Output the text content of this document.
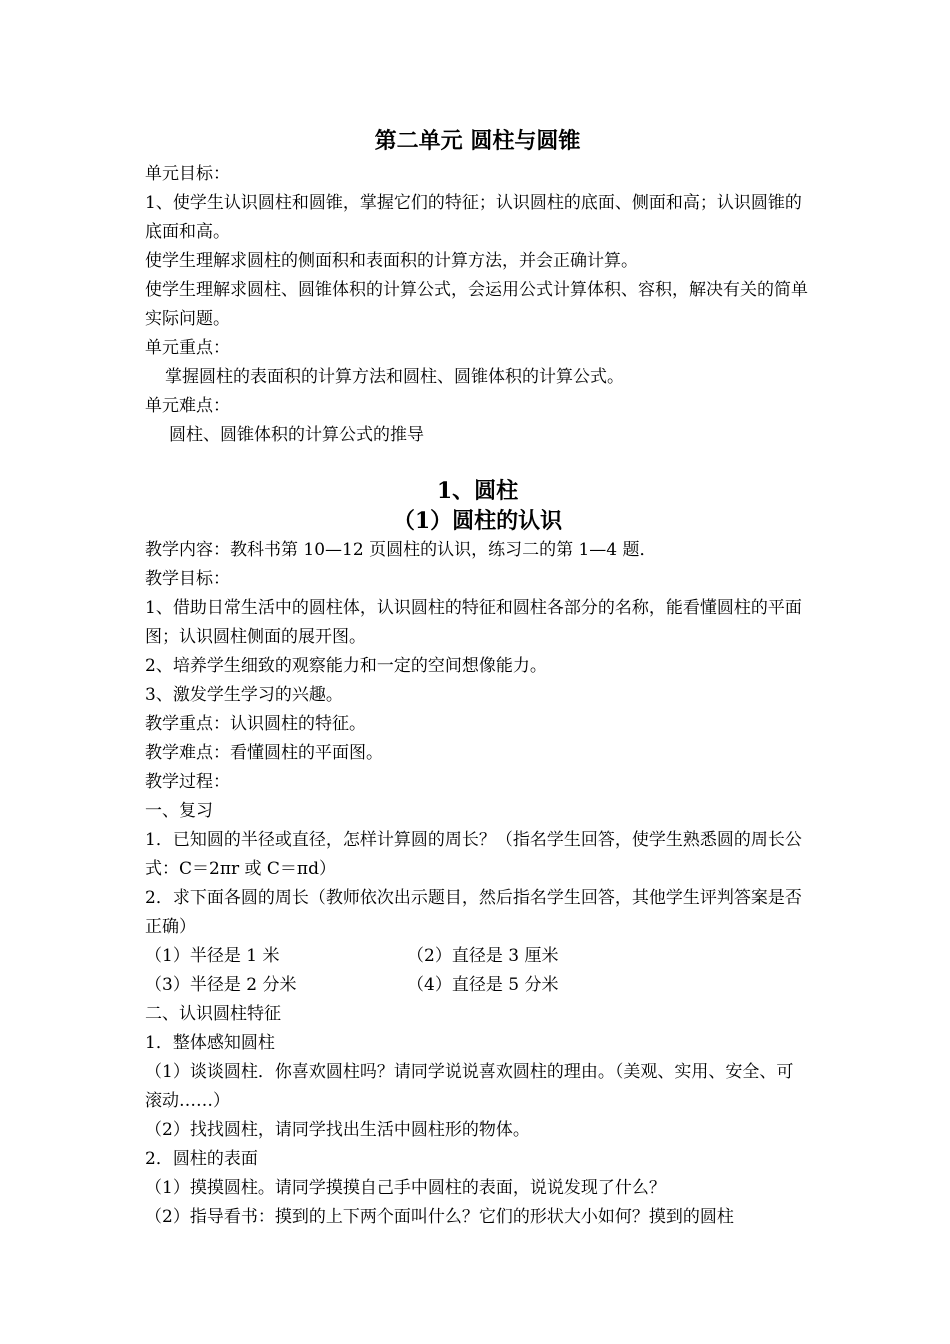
第二单元 圆柱与圆锥

单元目标：

1、使学生认识圆柱和圆锥，掌握它们的特征；认识圆柱的底面、侧面和高；认识圆锥的底面和高。

使学生理解求圆柱的侧面积和表面积的计算方法，并会正确计算。

使学生理解求圆柱、圆锥体积的计算公式，会运用公式计算体积、容积，解决有关的简单实际问题。

单元重点：

掌握圆柱的表面积的计算方法和圆柱、圆锥体积的计算公式。

单元难点：

圆柱、圆锥体积的计算公式的推导

1、圆柱
（1）圆柱的认识

教学内容：教科书第 10—12 页圆柱的认识，练习二的第 1—4 题．

教学目标：

1、借助日常生活中的圆柱体，认识圆柱的特征和圆柱各部分的名称，能看懂圆柱的平面图；认识圆柱侧面的展开图。

2、培养学生细致的观察能力和一定的空间想像能力。

3、激发学生学习的兴趣。

教学重点：认识圆柱的特征。

教学难点：看懂圆柱的平面图。

教学过程：

一、复习

1．已知圆的半径或直径，怎样计算圆的周长？（指名学生回答，使学生熟悉圆的周长公式：C＝2πr 或 C＝πd）

2．求下面各圆的周长（教师依次出示题目，然后指名学生回答，其他学生评判答案是否正确）

（1）半径是 1 米	（2）直径是 3 厘米
（3）半径是 2 分米	（4）直径是 5 分米

二、认识圆柱特征

1．整体感知圆柱

（1）谈谈圆柱．你喜欢圆柱吗？请同学说说喜欢圆柱的理由。（美观、实用、安全、可滚动……）

（2）找找圆柱，请同学找出生活中圆柱形的物体。

2．圆柱的表面

（1）摸摸圆柱。请同学摸摸自己手中圆柱的表面，说说发现了什么？

（2）指导看书：摸到的上下两个面叫什么？它们的形状大小如何？摸到的圆柱
